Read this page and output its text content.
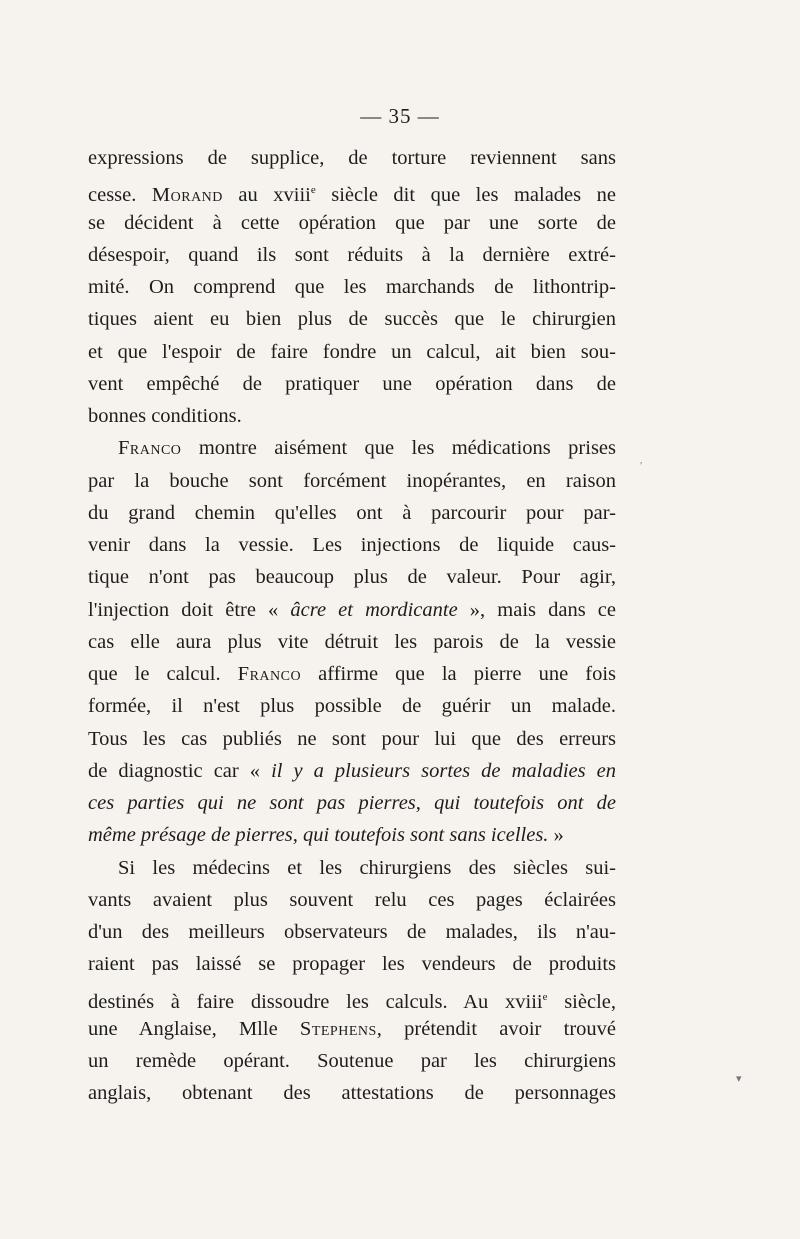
— 35 —
expressions de supplice, de torture reviennent sans
cesse. Morand au xviii$^e$ siècle dit que les malades ne
se décident à cette opération que par une sorte de
désespoir, quand ils sont réduits à la dernière extré-
mité. On comprend que les marchands de lithontrip-
tiques aient eu bien plus de succès que le chirurgien
et que l'espoir de faire fondre un calcul, ait bien sou-
vent empêché de pratiquer une opération dans de
bonnes conditions.
Franco montre aisément que les médications prises
par la bouche sont forcément inopérantes, en raison
du grand chemin qu'elles ont à parcourir pour par-
venir dans la vessie. Les injections de liquide caus-
tique n'ont pas beaucoup plus de valeur. Pour agir,
l'injection doit être « âcre et mordicante », mais dans ce
cas elle aura plus vite détruit les parois de la vessie
que le calcul. Franco affirme que la pierre une fois
formée, il n'est plus possible de guérir un malade.
Tous les cas publiés ne sont pour lui que des erreurs
de diagnostic car « il y a plusieurs sortes de maladies en
ces parties qui ne sont pas pierres, qui toutefois ont de
même présage de pierres, qui toutefois sont sans icelles. »
Si les médecins et les chirurgiens des siècles sui-
vants avaient plus souvent relu ces pages éclairées
d'un des meilleurs observateurs de malades, ils n'au-
raient pas laissé se propager les vendeurs de produits
destinés à faire dissoudre les calculs. Au xviii$^e$ siècle,
une Anglaise, Mlle Stephens, prétendit avoir trouvé
un remède opérant. Soutenue par les chirurgiens
anglais, obtenant des attestations de personnages
′
▾
